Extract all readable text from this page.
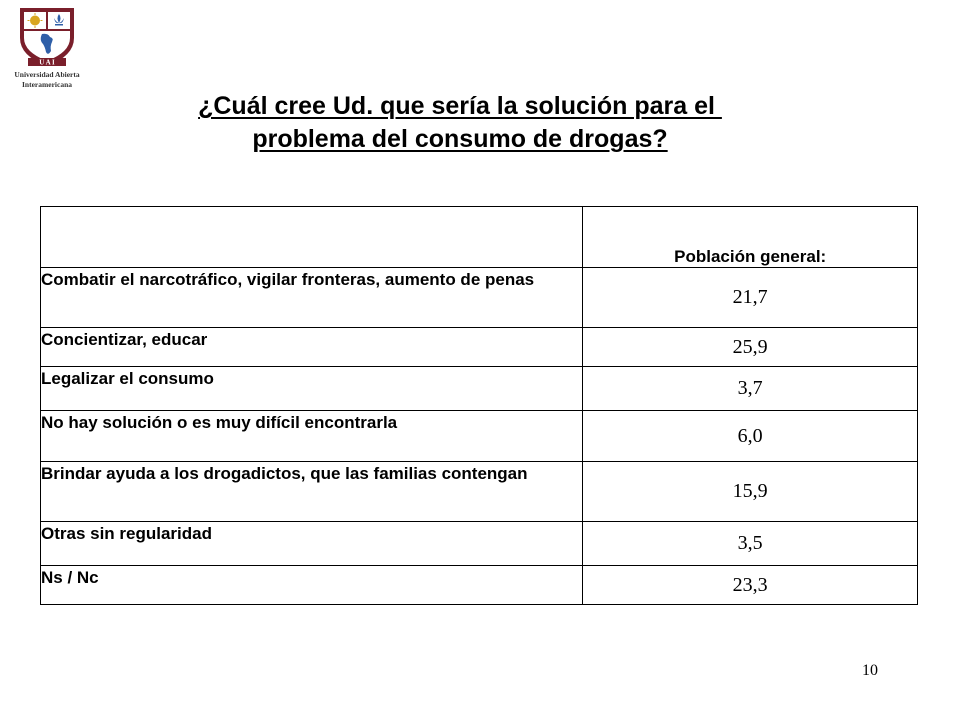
U A I
Universidad Abierta
Interamericana
¿Cuál cree Ud. que sería la solución para el
problema del consumo de drogas?
	Población general:
Combatir el narcotráfico, vigilar fronteras, aumento de penas	21,7
Concientizar, educar	25,9
Legalizar el consumo	3,7
No hay solución o es muy difícil encontrarla	6,0
Brindar ayuda a los drogadictos, que las familias contengan	15,9
Otras sin regularidad	3,5
Ns / Nc	23,3
10
